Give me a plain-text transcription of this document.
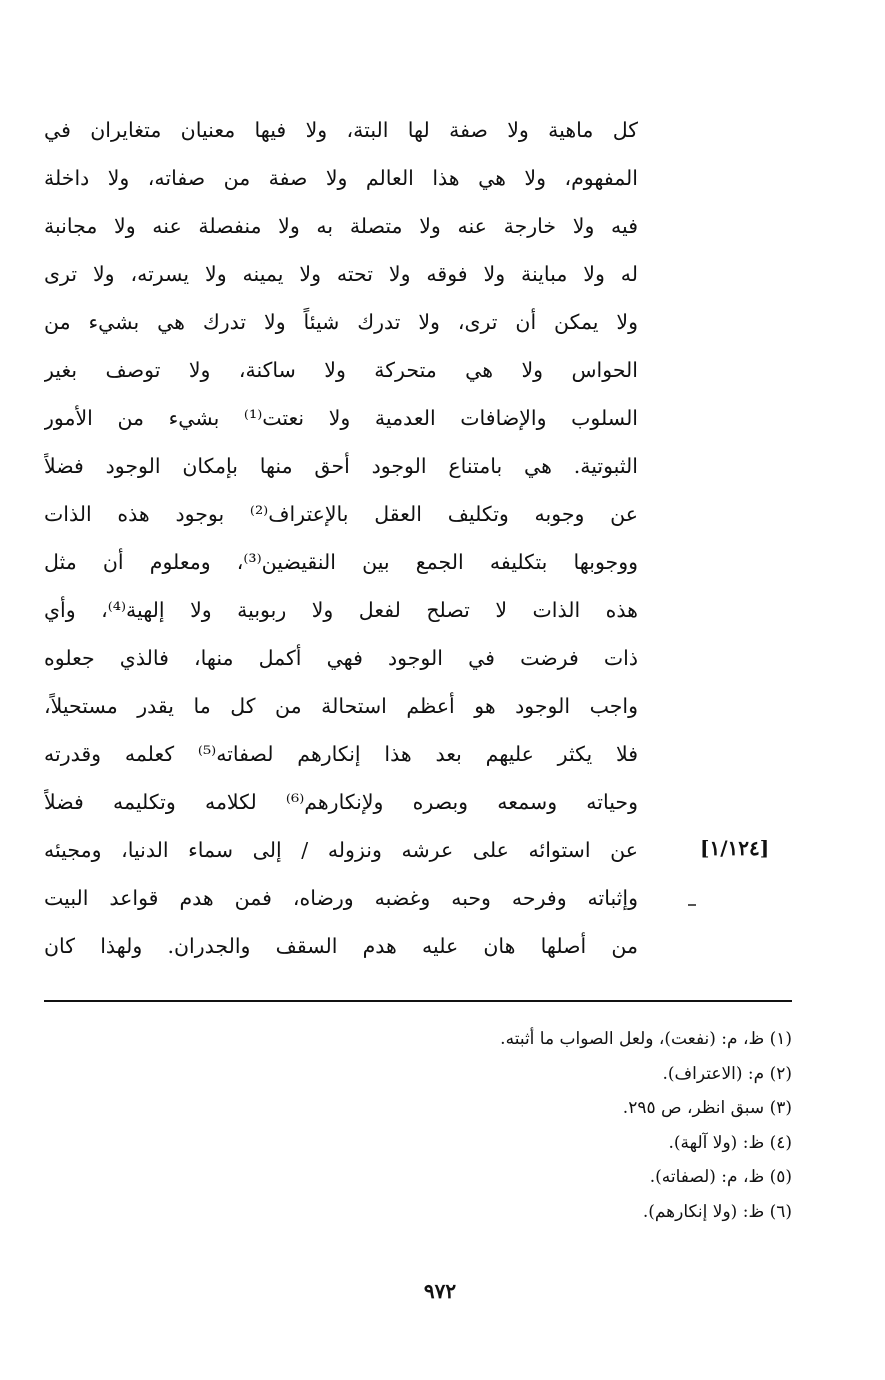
كل ماهية ولا صفة لها البتة، ولا فيها معنيان متغايران في
المفهوم، ولا هي هذا العالم ولا صفة من صفاته، ولا داخلة
فيه ولا خارجة عنه ولا متصلة به ولا منفصلة عنه ولا مجانبة
له ولا مباينة ولا فوقه ولا تحته ولا يمينه ولا يسرته، ولا ترى
ولا يمكن أن ترى، ولا تدرك شيئاً ولا تدرك هي بشيء من
الحواس ولا هي متحركة ولا ساكنة، ولا توصف بغير
السلوب والإضافات العدمية ولا نعتت⁽¹⁾ بشيء من الأمور
الثبوتية. هي بامتناع الوجود أحق منها بإمكان الوجود فضلاً
عن وجوبه وتكليف العقل بالإعتراف⁽²⁾ بوجود هذه الذات
ووجوبها بتكليفه الجمع بين النقيضين⁽³⁾، ومعلوم أن مثل
هذه الذات لا تصلح لفعل ولا ربوبية ولا إلهية⁽⁴⁾، وأي
ذات فرضت في الوجود فهي أكمل منها، فالذي جعلوه
واجب الوجود هو أعظم استحالة من كل ما يقدر مستحيلاً،
فلا يكثر عليهم بعد هذا إنكارهم لصفاته⁽⁵⁾ كعلمه وقدرته
وحياته وسمعه وبصره ولإنكارهم⁽⁶⁾ لكلامه وتكليمه فضلاً
عن استوائه على عرشه ونزوله / إلى سماء الدنيا، ومجيئه
وإثباته وفرحه وحبه وغضبه ورضاه، فمن هدم قواعد البيت
من أصلها هان عليه هدم السقف والجدران. ولهذا كان
[١/١٢٤]
(١) ظ، م: (نفعت)، ولعل الصواب ما أثبته.
(٢) م: (الاعتراف).
(٣) سبق انظر، ص ٢٩٥.
(٤) ظ: (ولا آلهة).
(٥) ظ، م: (لصفاته).
(٦) ظ: (ولا إنكارهم).
٩٧٢
